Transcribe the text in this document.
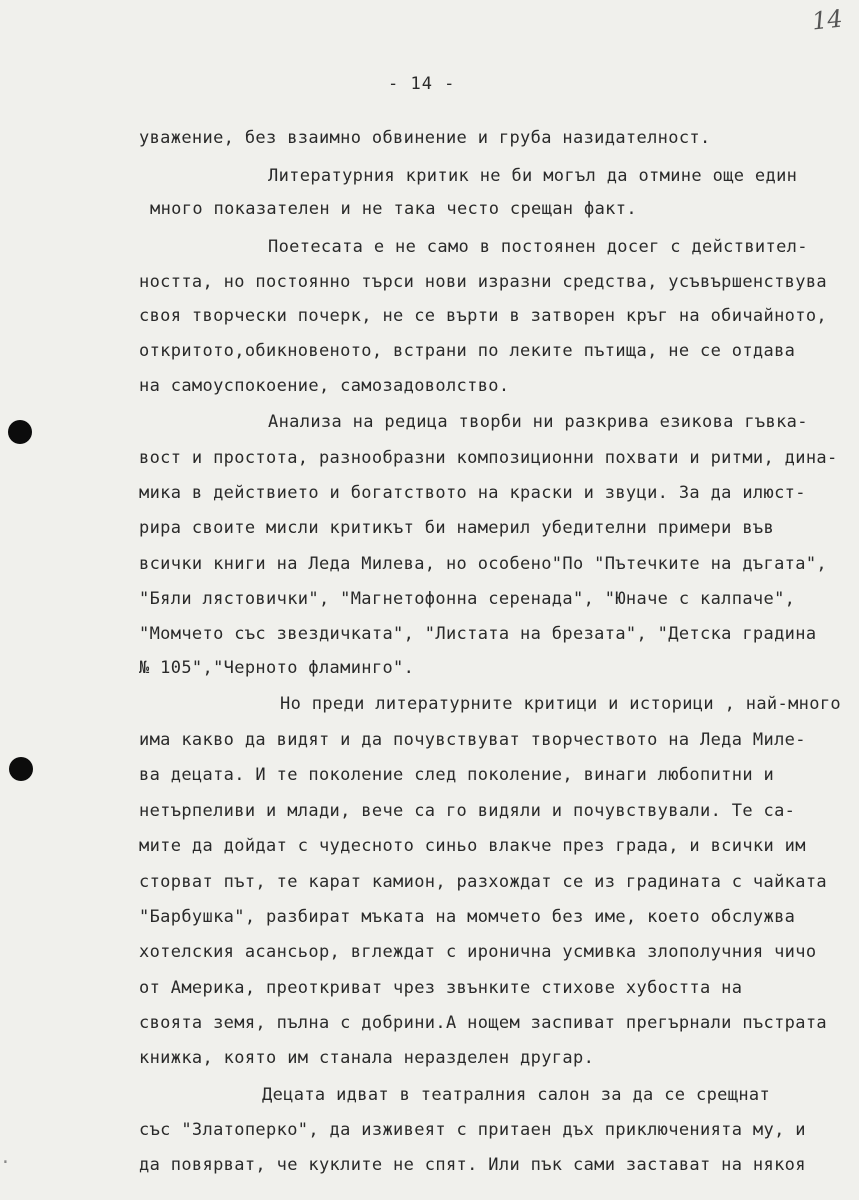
14
- 14 -
·
уважение, без взаимно обвинение и груба назидателност.
Литературния критик не би могъл да отмине още един
много показателен и не така често срещан факт.
Поетесата е не само в постоянен досег с действител-
ността, но постоянно търси нови изразни средства, усъвършенствува
своя творчески почерк, не се върти в затворен кръг на обичайното,
откритото,обикновеното, встрани по леките пътища, не се отдава
на самоуспокоение, самозадоволство.
Анализа на редица творби ни разкрива езикова гъвка-
вост и простота, разнообразни композиционни похвати и ритми, дина-
мика в действието и богатството на краски и звуци. За да илюст-
рира своите мисли критикът би намерил убедителни примери във
всички книги на Леда Милева, но особено"По "Пътечките на дъгата",
"Бяли лястовички", "Магнетофонна серенада", "Юначе с калпаче",
"Момчето със звездичката", "Листата на брезата", "Детска градина
№ 105","Черното фламинго".
Но преди литературните критици и историци , най-много
има какво да видят и да почувствуват творчеството на Леда Миле-
ва децата. И те поколение след поколение, винаги любопитни и
нетърпеливи и млади, вече са го видяли и почувствували. Те са-
мите да дойдат с чудесното синьо влакче през града, и всички им
сторват път, те карат камион, разхождат се из градината с чайката
"Барбушка", разбират мъката на момчето без име, което обслужва
хотелския асансьор, вглеждат с иронична усмивка злополучния чичо
от Америка, преоткриват чрез звънките стихове хубостта на
своята земя, пълна с добрини.А нощем заспиват прегърнали пъстрата
книжка, която им станала неразделен другар.
Децата идват в театралния салон за да се срещнат
със "Златоперко", да изживеят с притаен дъх приключенията му, и
да повярват, че куклите не спят. Или пък сами застават на някоя
